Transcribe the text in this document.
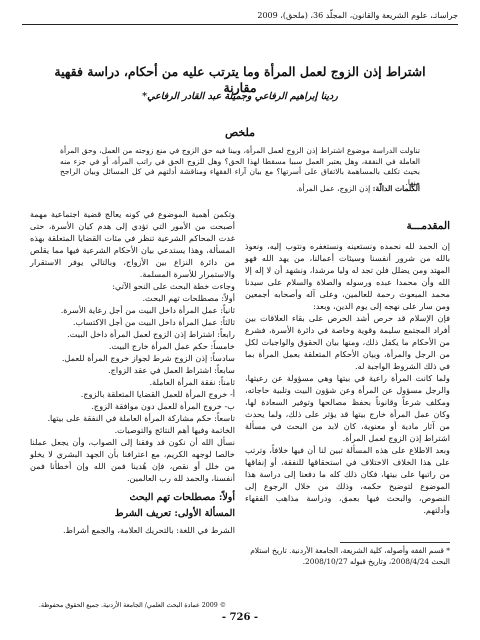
جراساتـ، علوم الشريعة والقانون، المجلّد 36، (ملحق)، 2009
اشتراط إذن الزوج لعمل المرأة وما يترتب عليه من أحكام، دراسة فقهية مقارنة
ردينا إبراهيم الرفاعي وجميلة عبد القادر الرفاعي*
ملخص
تناولت الدراسة موضوع اشتراط إذن الزوج لعمل المرأة، وبينا فيه حق الزوج في منع زوجته من العمل، وحق المرأة العاملة في النفقة، وهل يعتبر العمل سببا مسقطا لهذا الحق؟ وهل للزوج الحق في راتب المرأة، أو في جزء منه بحيث تكلف بالمساهمة بالاتفاق على أسرتها؟ مع بيان آراء الفقهاء ومناقشة أدلتهم في كل المسائل وبيان الراجح منها.
الكلمات الدالّة: إذن الزوج، عمل المرأة.
المقدمـــة

إن الحمد لله نحمده ونستعينه ونستغفره ونتوب إليه، ونعوذ بالله من شرور أنفسنا وسيئات أعمالنا، من يهد الله فهو المهتد ومن يضلل فلن تجد له وليا مرشدا، ونشهد أن لا إله إلا الله وأن محمدا عبده ورسوله والصلاة والسلام على سيدنا محمد المبعوث رحمة للعالمين، وعلى آله وأصحابه أجمعين ومن سار على نهجه إلى يوم الدين، وبعد:

فإن الإسلام قد حرص أشد الحرص على بقاء العلاقات بين أفراد المجتمع سليمة وقوية وخاصة في دائرة الأسرة، فشرع من الأحكام ما يكفل ذلك، ومنها بيان الحقوق والواجبات لكل من الرجل والمرأة، وبيان الأحكام المتعلقة بعمل المرأة بما في ذلك الشروط الواجبة له.

ولما كانت المرأة راعية في بيتها وهي مسؤولة عن رعيتها، والرجل مسؤول عن المرأة وعن شؤون البيت وتلبية حاجاته، ومكلف شرعاً وقانوناً بحفظ مصالحها وتوفير السعادة لها، وكان عمل المرأة خارج بيتها قد يؤثر على ذلك، ولما يحدث من آثار مادية أو معنوية، كان لابد من البحث في مسألة اشتراط إذن الزوج لعمل المرأة.

وبعد الاطلاع على هذه المسألة تبين لنا أن فيها خلافاً، وترتب على هذا الخلاف الاختلاف في استحقاقها للنفقة، أو إنفاقها من راتبها على بيتها، فكان ذلك كله ما دفعنا إلى دراسة هذا الموضوع لتوضيح حكمه، وذلك من خلال الرجوع إلى النصوص، والبحث فيها بعمق، ودراسة مذاهب الفقهاء وأدلتهم.

* قسم الفقه وأصوله، كلية الشريعة، الجامعة الأردنية. تاريخ استلام البحث 2008/4/24، وتاريخ قبوله 2008/10/27.

وتكمن أهمية الموضوع في كونه يعالج قضية اجتماعية مهمة أصبحت من الأمور التي تؤدي إلى هدم كيان الأسرة، حتى غدت المحاكم الشرعية تنظر في مئات القضايا المتعلقة بهذه المسألة، وهذا يستدعي بيان الأحكام الشرعية فيها مما يقلص من دائرة النزاع بين الأزواج، وبالتالي يوفر الاستقرار والاستمرار للأسرة المسلمة.

وجاءت خطة البحث على النحو الآتي:

أولاً: مصطلحات تهم البحث.
ثانياً: عمل المرأة داخل البيت من أجل رعاية الأسرة.
ثالثاً: عمل المرأة داخل البيت من أجل الاكتساب.
رابعاً: اشتراط إذن الزوج لعمل المرأة داخل البيت.
خامساً: حكم عمل المرأة خارج البيت.
سادساً: إذن الزوج شرط لجواز خروج المرأة للعمل.
سابعاً: اشتراط العمل في عقد الزواج.
ثامناً: نفقة المرأة العاملة.
أ- خروج المرأة للعمل القضايا المتعلقة بالزوج.
ب- خروج المرأة للعمل دون موافقة الزوج.
تاسعاً: حكم مشاركة المرأة العاملة في النفقة على بيتها.
الخاتمة وفيها أهم النتائج والتوصيات.

نسأل الله أن نكون قد وفقنا إلى الصواب، وأن يجعل عملنا خالصا لوجهه الكريم، مع اعترافنا بأن الجهد البشري لا يخلو من خلل أو نقص، فإن هُدينا فمن الله وإن أخطأنا فمن أنفسنا، والحمد لله رب العالمين.

أولاً: مصطلحات تهم البحث
المسألة الأولى: تعريف الشرط

الشرط في اللغة: بالتحريك العلامة، والجمع أشراط.

© 2009 عمادة البحث العلمي/ الجامعة الأردنية. جميع الحقوق محفوظة.
- 726 -
